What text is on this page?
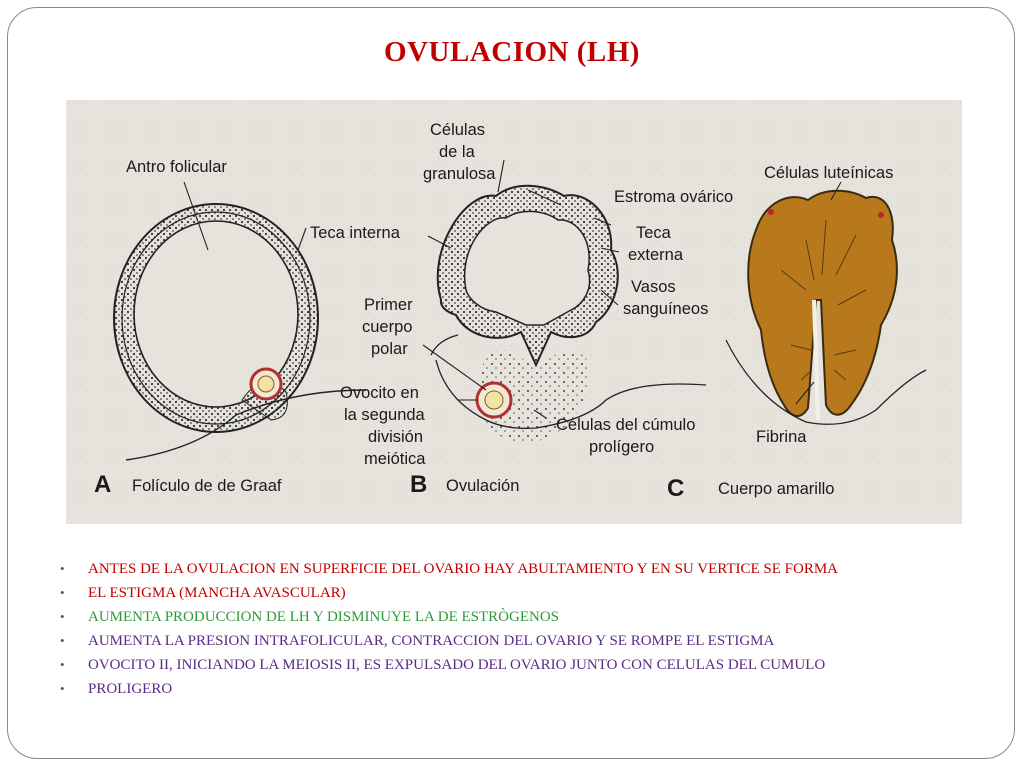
OVULACION (LH)
Antro folicular
Células
de la
granulosa
Teca interna
Estroma ovárico
Teca
externa
Células luteínicas
Vasos
sanguíneos
Primer
cuerpo
polar
Ovocito en
la segunda
división
meiótica
Células del cúmulo
prolígero
Fibrina
A Folículo de de Graaf	B Ovulación	C Cuerpo amarillo
• ANTES DE LA OVULACION EN SUPERFICIE DEL OVARIO HAY ABULTAMIENTO Y EN SU VERTICE SE FORMA
• EL ESTIGMA (MANCHA AVASCULAR)
• AUMENTA PRODUCCION DE LH Y DISMINUYE LA DE ESTRÒGENOS
• AUMENTA LA PRESION INTRAFOLICULAR, CONTRACCION DEL OVARIO Y SE ROMPE EL ESTIGMA
• OVOCITO II, INICIANDO LA MEIOSIS II, ES EXPULSADO DEL OVARIO JUNTO CON CELULAS DEL CUMULO
• PROLIGERO
